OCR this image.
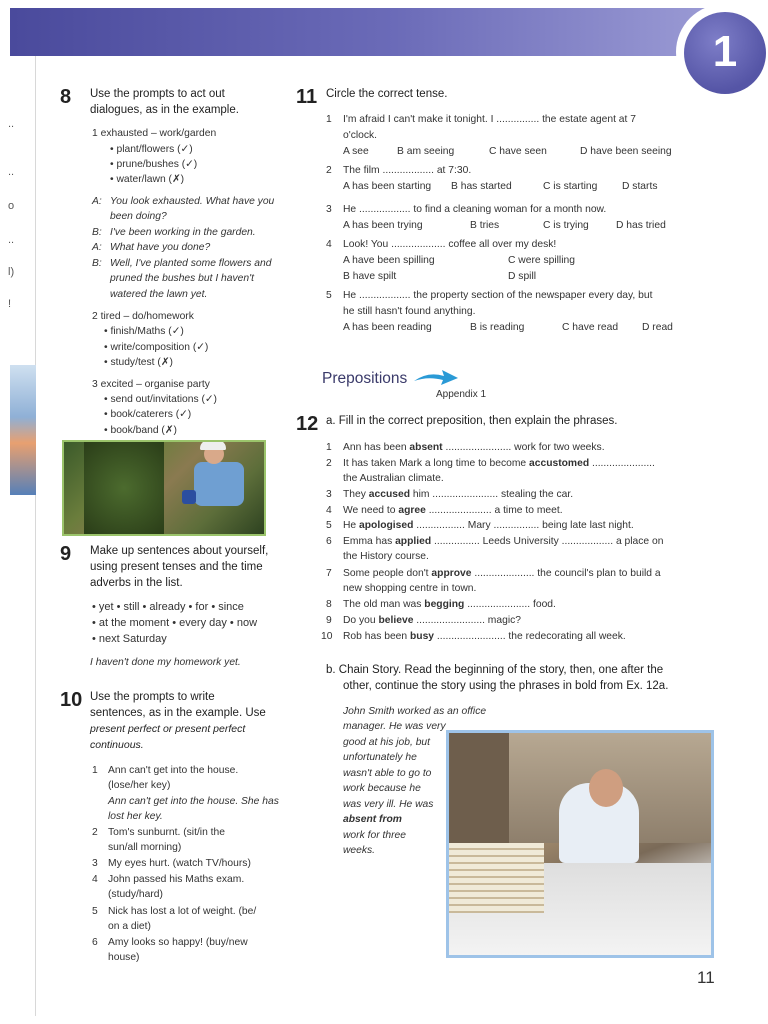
1
..
..
o
..
l)
!
8 Use the prompts to act out
dialogues, as in the example.
1 exhausted – work/garden
• plant/flowers (✓)
• prune/bushes (✓)
• water/lawn (✗)
A: You look exhausted. What have you
been doing?
B: I've been working in the garden.
A: What have you done?
B: Well, I've planted some flowers and
pruned the bushes but I haven't
watered the lawn yet.
2 tired – do/homework
• finish/Maths (✓)
• write/composition (✓)
• study/test (✗)
3 excited – organise party
• send out/invitations (✓)
• book/caterers (✓)
• book/band (✗)
9 Make up sentences about yourself,
using present tenses and the time
adverbs in the list.
• yet • still • already • for • since
• at the moment • every day • now
• next Saturday
I haven't done my homework yet.
10 Use the prompts to write
sentences, as in the example. Use
present perfect or present perfect
continuous.
1 Ann can't get into the house.
(lose/her key)
Ann can't get into the house. She has
lost her key.
2 Tom's sunburnt. (sit/in the
sun/all morning)
3 My eyes hurt. (watch TV/hours)
4 John passed his Maths exam.
(study/hard)
5 Nick has lost a lot of weight. (be/
on a diet)
6 Amy looks so happy! (buy/new
house)
11 Circle the correct tense.
1 I'm afraid I can't make it tonight. I ............... the estate agent at 7
o'clock.
A see	B am seeing	C have seen	D have been seeing
2 The film .................. at 7:30.
A has been starting B has started	C is starting D starts
3 He .................. to find a cleaning woman for a month now.
A has been trying	B tries	C is trying	D has tried
4 Look! You ................... coffee all over my desk!
A have been spilling	C were spilling
B have spilt	D spill
5 He .................. the property section of the newspaper every day, but
he still hasn't found anything.
A has been reading	B is reading	C have read D read
Prepositions
Appendix 1
12 a. Fill in the correct preposition, then explain the phrases.
1 Ann has been absent ....................... work for two weeks.
2 It has taken Mark a long time to become accustomed ......................
the Australian climate.
3 They accused him ....................... stealing the car.
4 We need to agree ...................... a time to meet.
5 He apologised ................. Mary ................ being late last night.
6 Emma has applied ................ Leeds University .................. a place on
the History course.
7 Some people don't approve ..................... the council's plan to build a
new shopping centre in town.
8 The old man was begging ...................... food.
9 Do you believe ........................ magic?
10 Rob has been busy ........................ the redecorating all week.
b. Chain Story. Read the beginning of the story, then, one after the
other, continue the story using the phrases in bold from Ex. 12a.
John Smith worked as an office
manager. He was very
good at his job, but
unfortunately he
wasn't able to go to
work because he
was very ill. He was
absent from
work for three
weeks.
11
